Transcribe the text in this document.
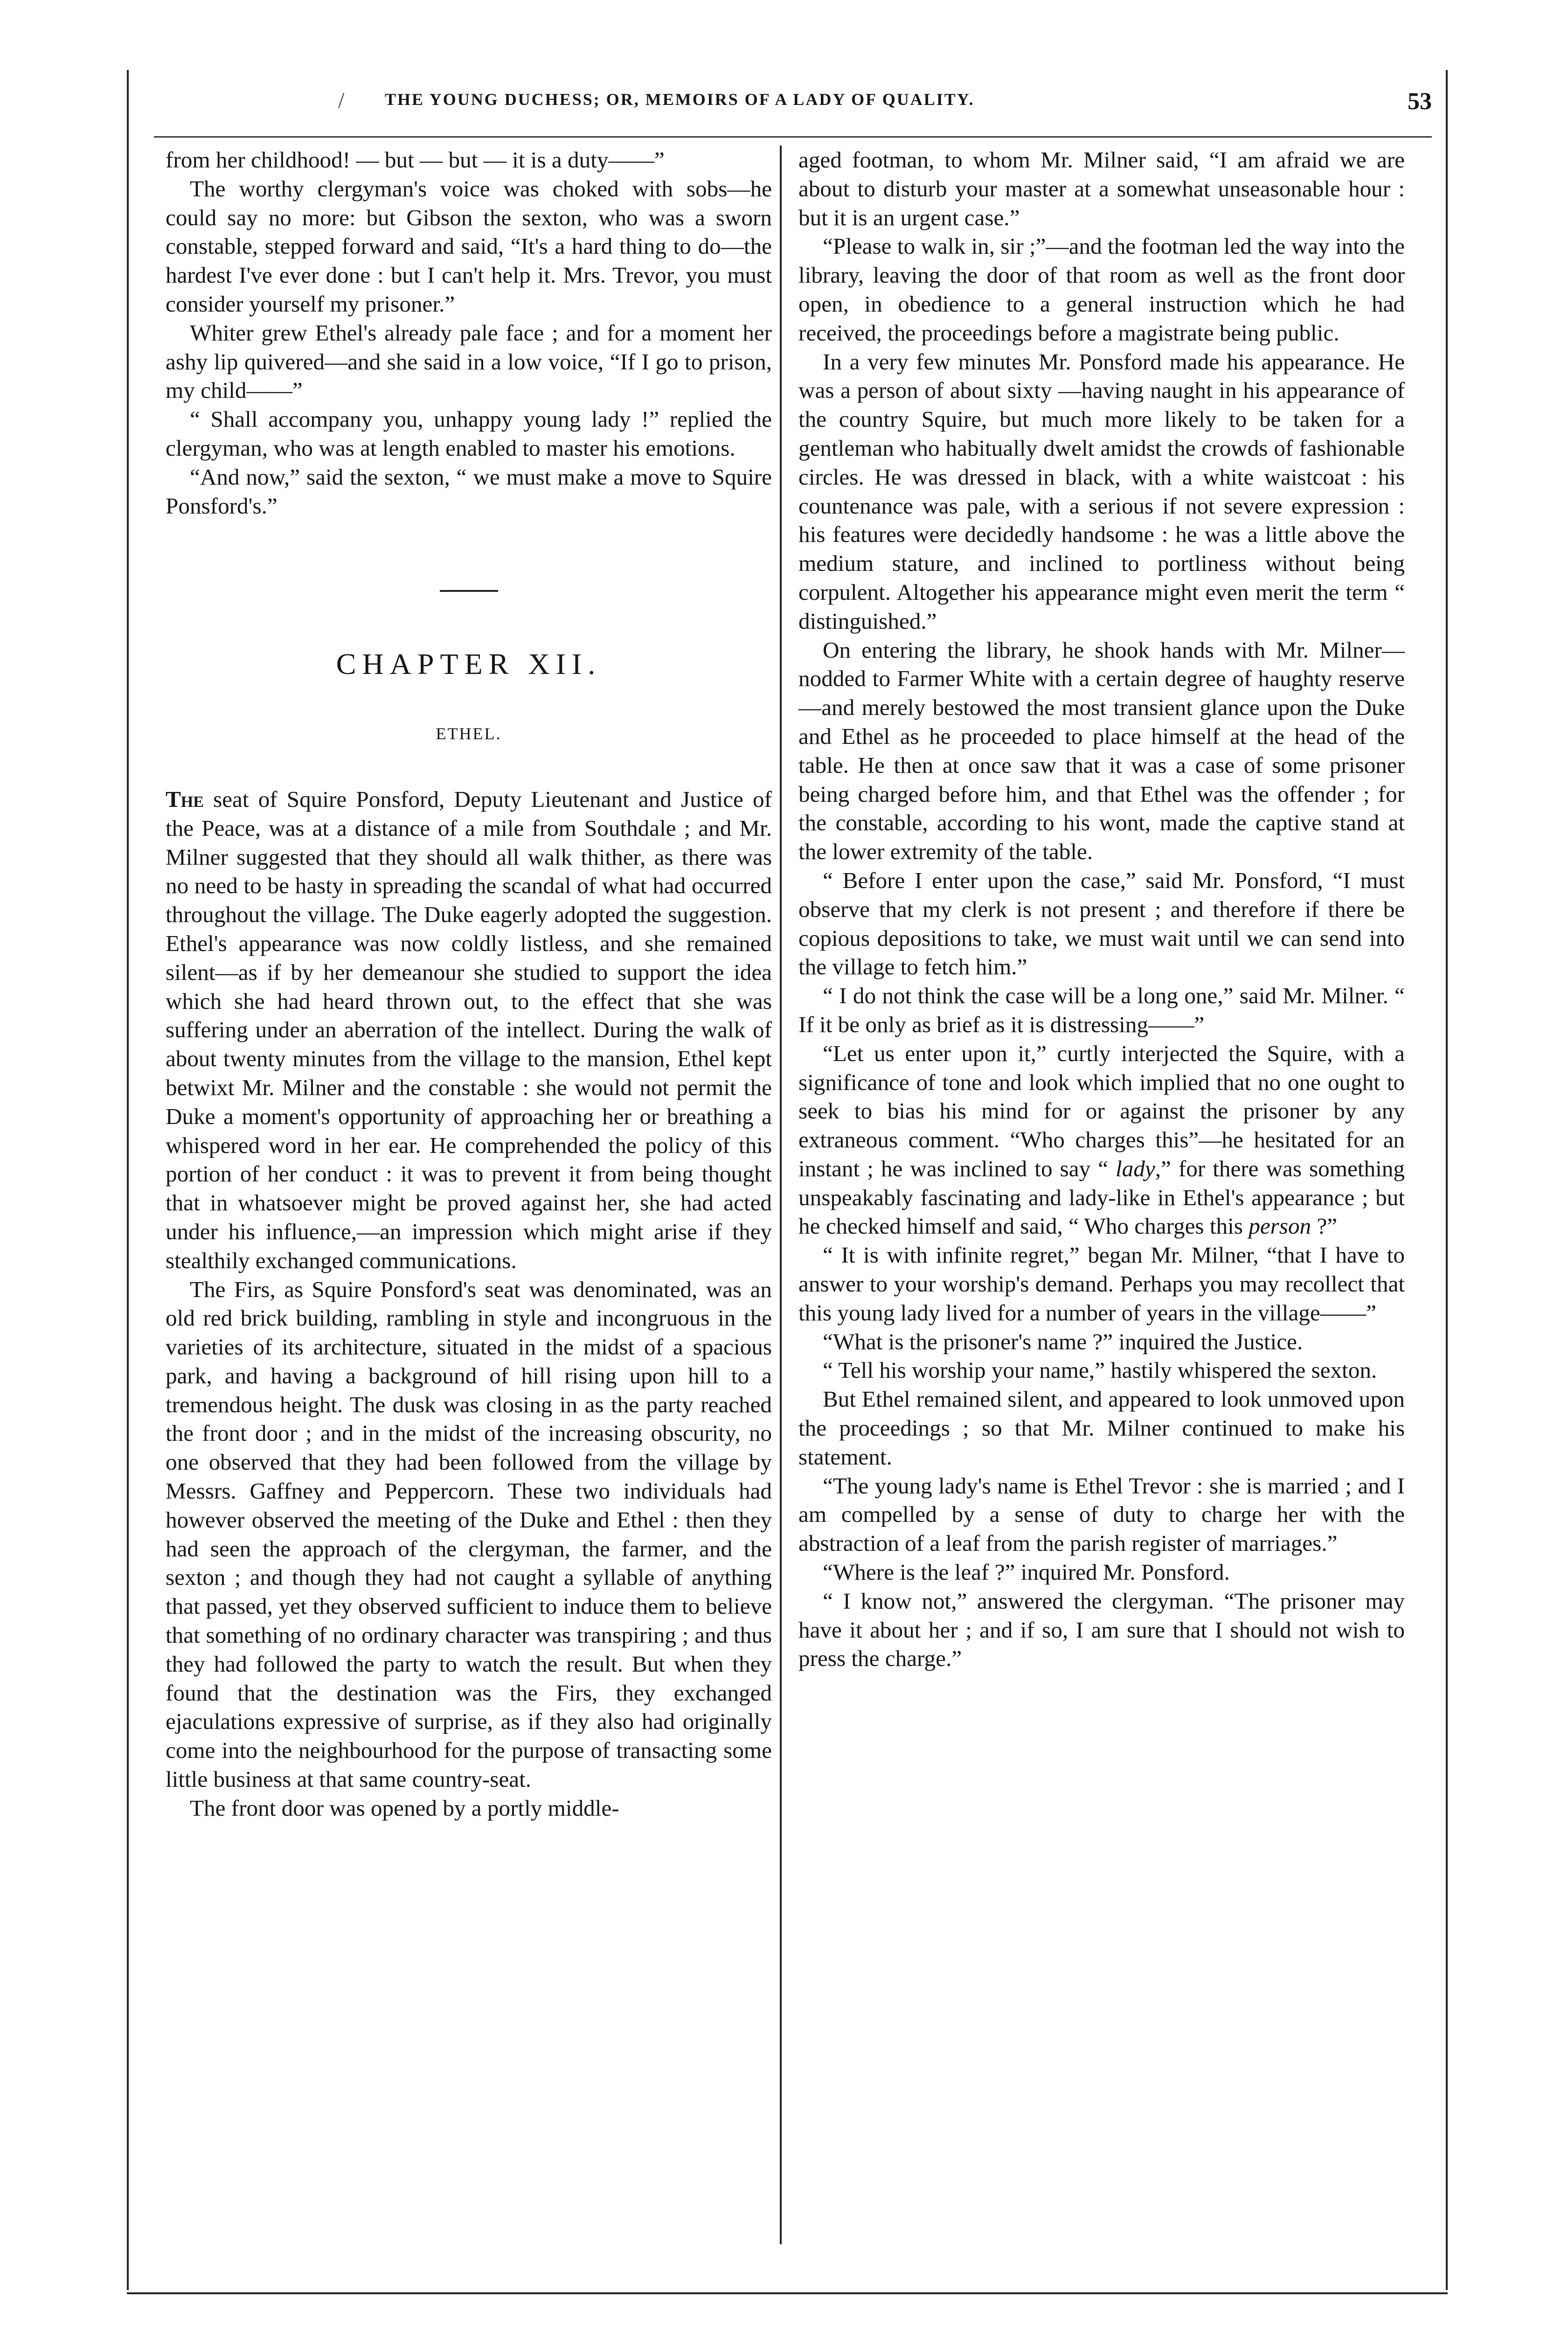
/ THE YOUNG DUCHESS; OR, MEMOIRS OF A LADY OF QUALITY.	53

from her childhood! — but — but — it is a duty——”

The worthy clergyman's voice was choked with sobs—he could say no more: but Gibson the sexton, who was a sworn constable, stepped forward and said, “It's a hard thing to do—the hardest I've ever done : but I can't help it. Mrs. Trevor, you must consider yourself my prisoner.”

Whiter grew Ethel's already pale face ; and for a moment her ashy lip quivered—and she said in a low voice, “If I go to prison, my child——”

“ Shall accompany you, unhappy young lady !” replied the clergyman, who was at length enabled to master his emotions.

“And now,” said the sexton, “ we must make a move to Squire Ponsford's.”

CHAPTER XII.
ETHEL.

The seat of Squire Ponsford, Deputy Lieutenant and Justice of the Peace, was at a distance of a mile from Southdale ; and Mr. Milner suggested that they should all walk thither, as there was no need to be hasty in spreading the scandal of what had occurred throughout the village. The Duke eagerly adopted the suggestion. Ethel's appearance was now coldly listless, and she remained silent—as if by her demeanour she studied to support the idea which she had heard thrown out, to the effect that she was suffering under an aberration of the intellect. During the walk of about twenty minutes from the village to the mansion, Ethel kept betwixt Mr. Milner and the constable : she would not permit the Duke a moment's opportunity of approaching her or breathing a whispered word in her ear. He comprehended the policy of this portion of her conduct : it was to prevent it from being thought that in whatsoever might be proved against her, she had acted under his influence,—an impression which might arise if they stealthily exchanged communications.

The Firs, as Squire Ponsford's seat was denominated, was an old red brick building, rambling in style and incongruous in the varieties of its architecture, situated in the midst of a spacious park, and having a background of hill rising upon hill to a tremendous height. The dusk was closing in as the party reached the front door ; and in the midst of the increasing obscurity, no one observed that they had been followed from the village by Messrs. Gaffney and Peppercorn. These two individuals had however observed the meeting of the Duke and Ethel : then they had seen the approach of the clergyman, the farmer, and the sexton ; and though they had not caught a syllable of anything that passed, yet they observed sufficient to induce them to believe that something of no ordinary character was transpiring ; and thus they had followed the party to watch the result. But when they found that the destination was the Firs, they exchanged ejaculations expressive of surprise, as if they also had originally come into the neighbourhood for the purpose of transacting some little business at that same country-seat.

The front door was opened by a portly middle-

aged footman, to whom Mr. Milner said, “I am afraid we are about to disturb your master at a somewhat unseasonable hour : but it is an urgent case.”

“Please to walk in, sir ;”—and the footman led the way into the library, leaving the door of that room as well as the front door open, in obedience to a general instruction which he had received, the proceedings before a magistrate being public.

In a very few minutes Mr. Ponsford made his appearance. He was a person of about sixty —having naught in his appearance of the country Squire, but much more likely to be taken for a gentleman who habitually dwelt amidst the crowds of fashionable circles. He was dressed in black, with a white waistcoat : his countenance was pale, with a serious if not severe expression : his features were decidedly handsome : he was a little above the medium stature, and inclined to portliness without being corpulent. Altogether his appearance might even merit the term “ distinguished.”

On entering the library, he shook hands with Mr. Milner—nodded to Farmer White with a certain degree of haughty reserve—and merely bestowed the most transient glance upon the Duke and Ethel as he proceeded to place himself at the head of the table. He then at once saw that it was a case of some prisoner being charged before him, and that Ethel was the offender ; for the constable, according to his wont, made the captive stand at the lower extremity of the table.

“ Before I enter upon the case,” said Mr. Ponsford, “I must observe that my clerk is not present ; and therefore if there be copious depositions to take, we must wait until we can send into the village to fetch him.”

“ I do not think the case will be a long one,” said Mr. Milner. “ If it be only as brief as it is distressing——”

“Let us enter upon it,” curtly interjected the Squire, with a significance of tone and look which implied that no one ought to seek to bias his mind for or against the prisoner by any extraneous comment. “Who charges this”—he hesitated for an instant ; he was inclined to say “ lady,” for there was something unspeakably fascinating and lady-like in Ethel's appearance ; but he checked himself and said, “ Who charges this person ?”

“ It is with infinite regret,” began Mr. Milner, “that I have to answer to your worship's demand. Perhaps you may recollect that this young lady lived for a number of years in the village——”

“What is the prisoner's name ?” inquired the Justice.

“ Tell his worship your name,” hastily whispered the sexton.

But Ethel remained silent, and appeared to look unmoved upon the proceedings ; so that Mr. Milner continued to make his statement.

“The young lady's name is Ethel Trevor : she is married ; and I am compelled by a sense of duty to charge her with the abstraction of a leaf from the parish register of marriages.”

“Where is the leaf ?” inquired Mr. Ponsford.

“ I know not,” answered the clergyman. “The prisoner may have it about her ; and if so, I am sure that I should not wish to press the charge.”
